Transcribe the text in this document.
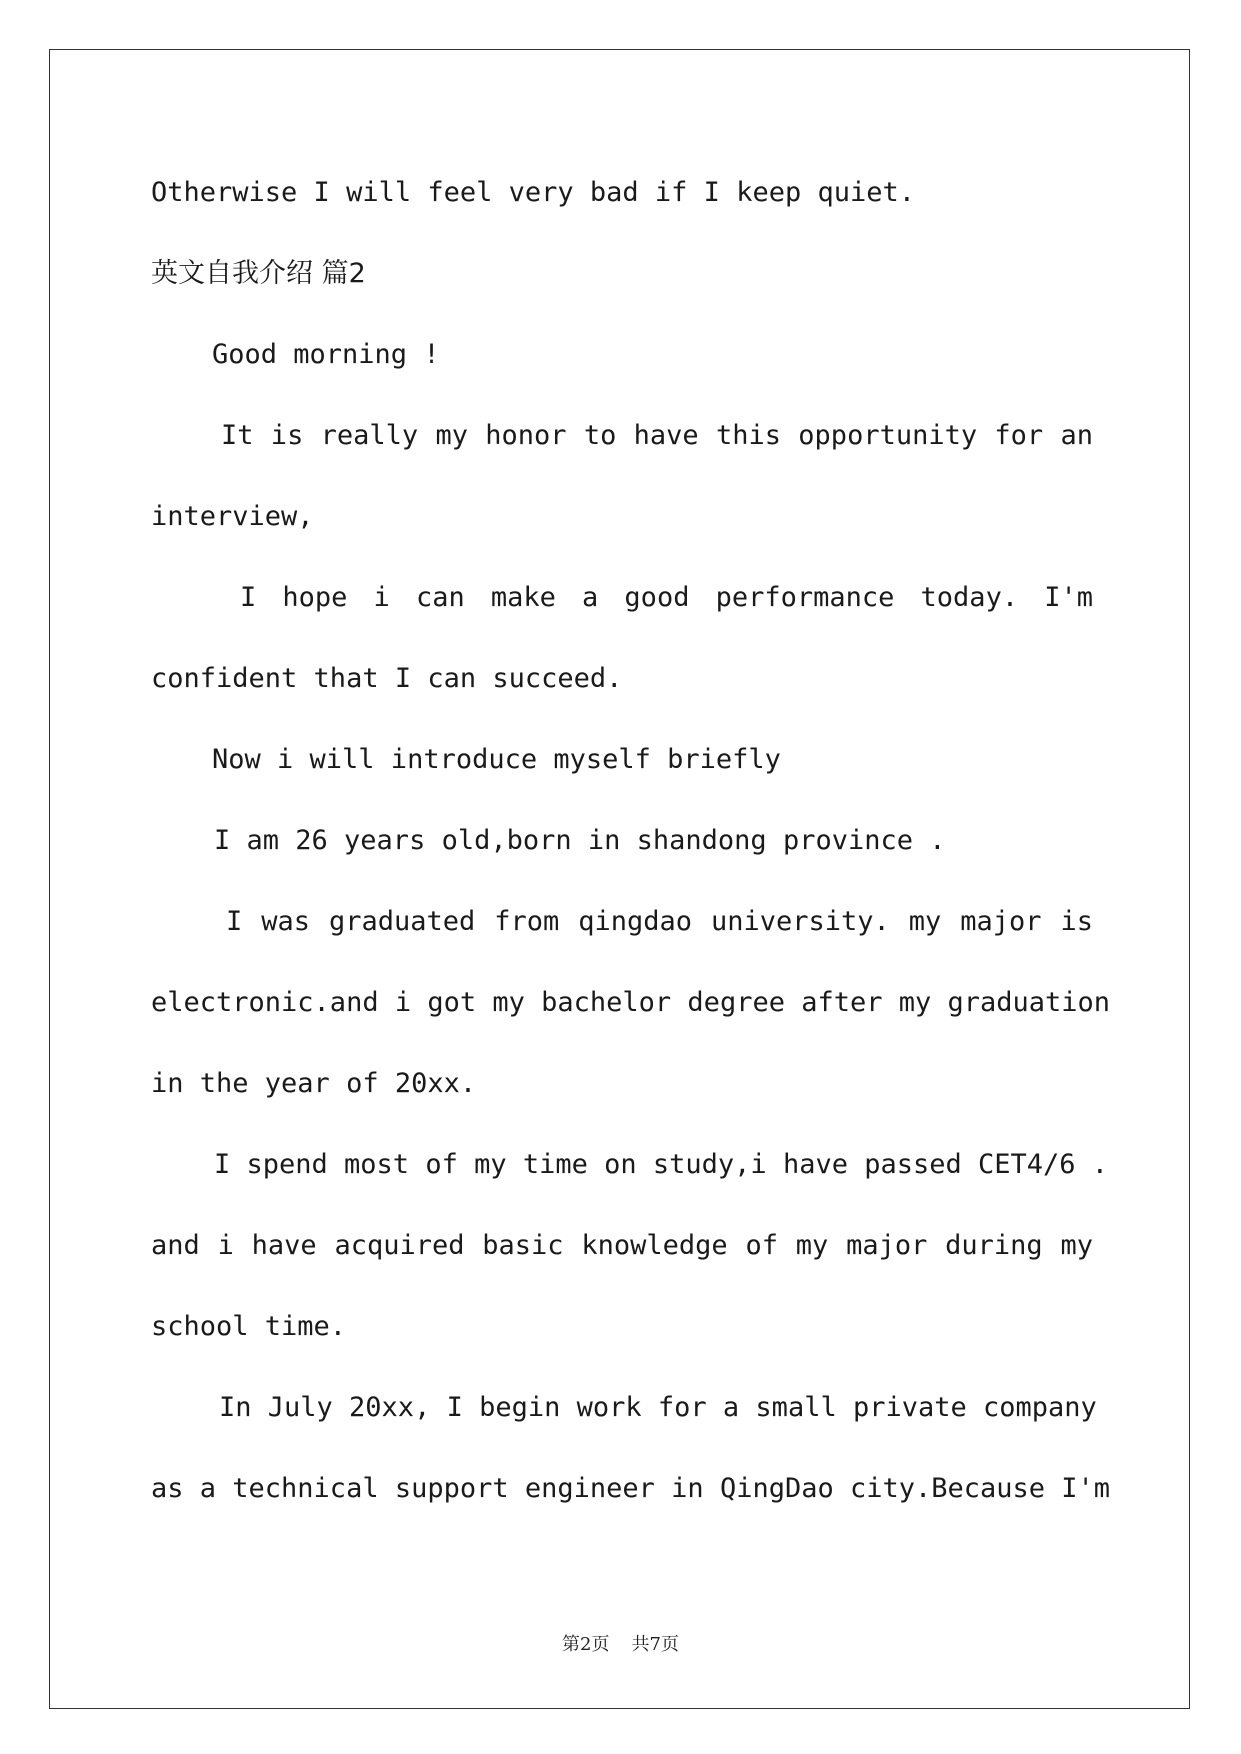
Otherwise I will feel very bad if I keep quiet.

英文自我介绍 篇2

Good morning !

It is really my honor to have this opportunity for an

interview,

I hope i can make a good performance today. I'm

confident that I can succeed.

Now i will introduce myself briefly

I am 26 years old,born in shandong province .

I was graduated from qingdao university. my major is

electronic.and i got my bachelor degree after my graduation

in the year of 20xx.

I spend most of my time on study,i have passed CET4/6 .

and i have acquired basic knowledge of my major during my

school time.

In July 20xx, I begin work for a small private company

as a technical support engineer in QingDao city.Because I'm

第2页 共7页
